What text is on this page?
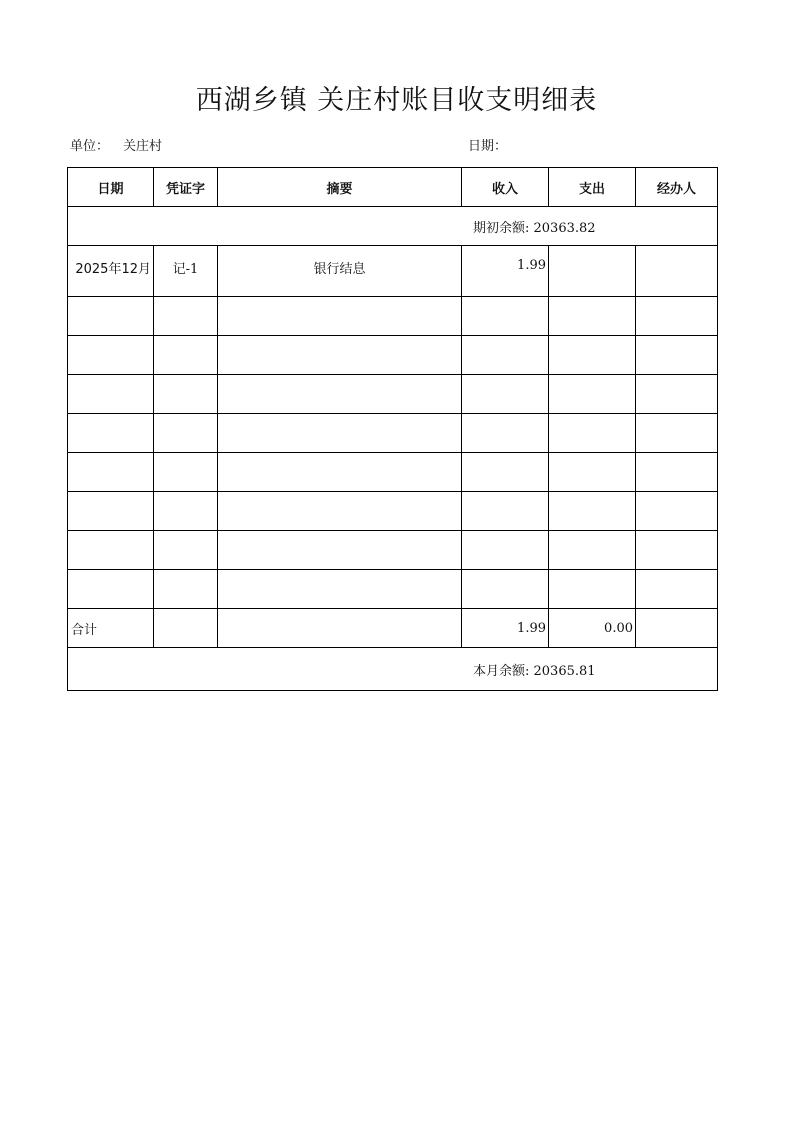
西湖乡镇 关庄村账目收支明细表
单位： 关庄村	日期：
日期	凭证字	摘要	收入	支出	经办人
期初余额: 20363.82					
2025年12月	记-1	银行结息	1.99		

合计			1.99	0.00	
本月余额: 20365.81					
